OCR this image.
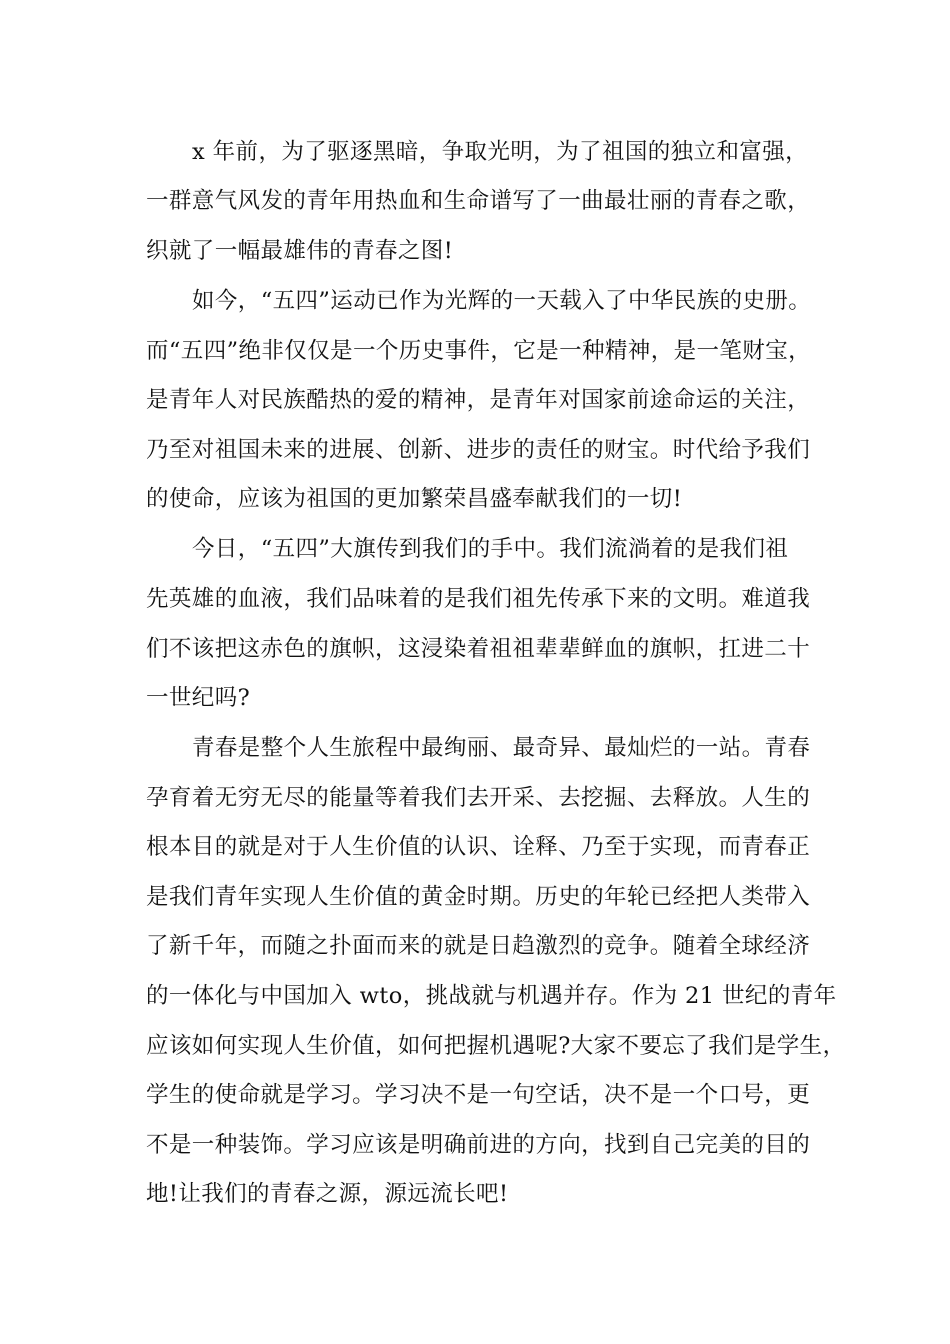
x 年前，为了驱逐黑暗，争取光明，为了祖国的独立和富强，
一群意气风发的青年用热血和生命谱写了一曲最壮丽的青春之歌，
织就了一幅最雄伟的青春之图!
如今，“五四”运动已作为光辉的一天载入了中华民族的史册。
而“五四”绝非仅仅是一个历史事件，它是一种精神，是一笔财宝，
是青年人对民族酷热的爱的精神，是青年对国家前途命运的关注，
乃至对祖国未来的进展、创新、进步的责任的财宝。时代给予我们
的使命，应该为祖国的更加繁荣昌盛奉献我们的一切!
今日，“五四”大旗传到我们的手中。我们流淌着的是我们祖
先英雄的血液，我们品味着的是我们祖先传承下来的文明。难道我
们不该把这赤色的旗帜，这浸染着祖祖辈辈鲜血的旗帜，扛进二十
一世纪吗?
青春是整个人生旅程中最绚丽、最奇异、最灿烂的一站。青春
孕育着无穷无尽的能量等着我们去开采、去挖掘、去释放。人生的
根本目的就是对于人生价值的认识、诠释、乃至于实现，而青春正
是我们青年实现人生价值的黄金时期。历史的年轮已经把人类带入
了新千年，而随之扑面而来的就是日趋激烈的竞争。随着全球经济
的一体化与中国加入 wto，挑战就与机遇并存。作为 21 世纪的青年
应该如何实现人生价值，如何把握机遇呢?大家不要忘了我们是学生，
学生的使命就是学习。学习决不是一句空话，决不是一个口号，更
不是一种装饰。学习应该是明确前进的方向，找到自己完美的目的
地!让我们的青春之源，源远流长吧!
